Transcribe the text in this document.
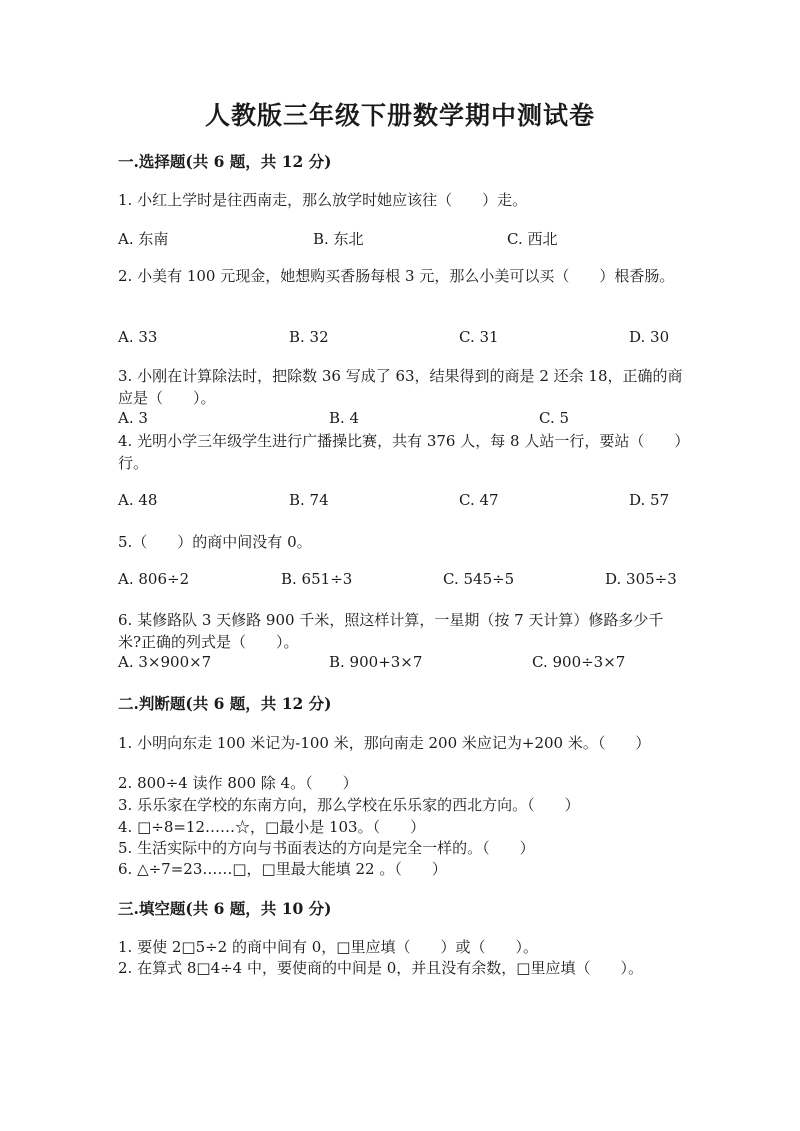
人教版三年级下册数学期中测试卷
一.选择题(共 6 题，共 12 分)
1. 小红上学时是往西南走，那么放学时她应该往（　　）走。
A. 东南	B. 东北	C. 西北
2. 小美有 100 元现金，她想购买香肠每根 3 元，那么小美可以买（　　）根香肠。
A. 33	B. 32	C. 31	D. 30
3. 小刚在计算除法时，把除数 36 写成了 63，结果得到的商是 2 还余 18，正确的商应是（　　）。
A. 3	B. 4	C. 5
4. 光明小学三年级学生进行广播操比赛，共有 376 人，每 8 人站一行，要站（　　）行。
A. 48	B. 74	C. 47	D. 57
5.（　　）的商中间没有 0。
A. 806÷2	B. 651÷3	C. 545÷5	D. 305÷3
6. 某修路队 3 天修路 900 千米，照这样计算，一星期（按 7 天计算）修路多少千米?正确的列式是（　　）。
A. 3×900×7	B. 900+3×7	C. 900÷3×7
二.判断题(共 6 题，共 12 分)
1. 小明向东走 100 米记为-100 米，那向南走 200 米应记为+200 米。（　　）
2. 800÷4 读作 800 除 4。（　　）
3. 乐乐家在学校的东南方向，那么学校在乐乐家的西北方向。（　　）
4. □÷8=12……☆，□最小是 103。（　　）
5. 生活实际中的方向与书面表达的方向是完全一样的。（　　）
6. △÷7=23……□，□里最大能填 22 。（　　）
三.填空题(共 6 题，共 10 分)
1. 要使 2□5÷2 的商中间有 0，□里应填（　　）或（　　）。
2. 在算式 8□4÷4 中，要使商的中间是 0，并且没有余数，□里应填（　　）。
